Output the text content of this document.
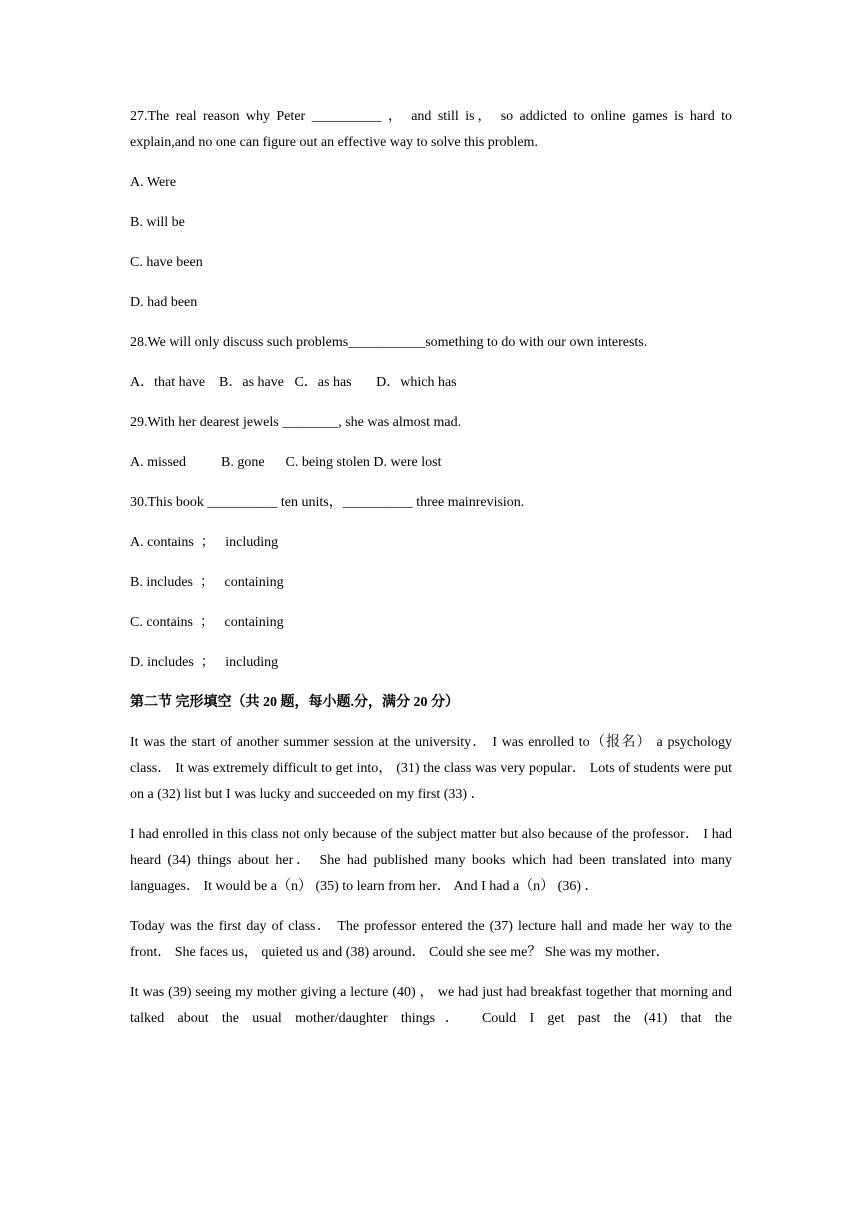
27.The real reason why Peter __________ ， and still is， so addicted to online games is hard to explain,and no one can figure out an effective way to solve this problem.

A. Were

B. will be

C. have been

D. had been

28.We will only discuss such problems___________something to do with our own interests.

A．that have    B．as have   C．as has       D．which has

29.With her dearest jewels ________, she was almost mad.

A. missed          B. gone      C. being stolen D. were lost

30.This book __________ ten units，__________ three mainrevision.

A. contains  ；   including

B. includes  ；   containing

C. contains  ；   containing

D. includes  ；   including

第二节 完形填空（共 20 题，每小题.分，满分 20 分）

It was the start of another summer session at the university． I was enrolled to（报名） a psychology class． It was extremely difficult to get into， (31) the class was very popular． Lots of students were put on a (32) list but I was lucky and succeeded on my first (33) ．

I had enrolled in this class not only because of the subject matter but also because of the professor． I had heard (34) things about her． She had published many books which had been translated into many languages． It would be a（n） (35) to learn from her． And I had a（n） (36) ．

Today was the first day of class． The professor entered the (37) lecture hall and made her way to the front． She faces us， quieted us and (38) around． Could she see me？ She was my mother．

It was (39) seeing my mother giving a lecture (40) ， we had just had breakfast together that morning and talked about the usual mother/daughter things． Could I get past the (41) that the
